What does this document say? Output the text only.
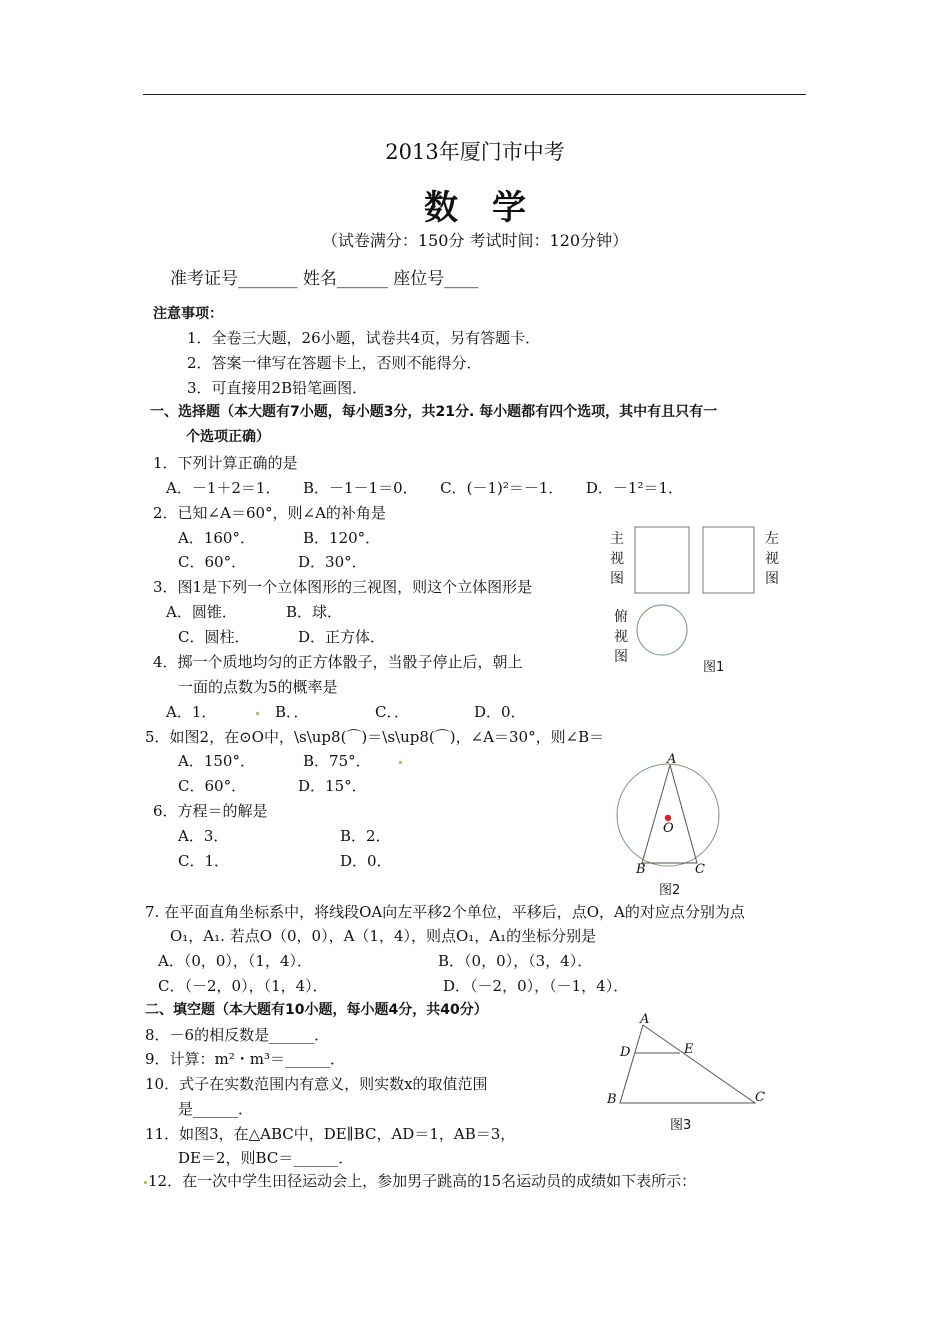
2013年厦门市中考
数　学
（试卷满分：150分 考试时间：120分钟）
准考证号_______ 姓名______ 座位号____
注意事项：
1．全卷三大题，26小题，试卷共4页，另有答题卡．
2．答案一律写在答题卡上，否则不能得分．
3．可直接用2B铅笔画图．
一、选择题（本大题有7小题，每小题3分，共21分. 每小题都有四个选项，其中有且只有一
个选项正确）
1．下列计算正确的是
A．－1＋2＝1．　　B．－1－1＝0．　　C．(－1)²＝－1．　　D．－1²＝1．
2．已知∠A＝60°，则∠A的补角是
A．160°．	B．120°．
C．60°．	D．30°．
3．图1是下列一个立体图形的三视图，则这个立体图形是
A．圆锥．	B．球．
C．圆柱．	D．正方体．
4．掷一个质地均匀的正方体骰子，当骰子停止后，朝上
一面的点数为5的概率是
A．1．	B．．	C．．	D．0．
5．如图2，在⊙O中，\s\up8(⌒)＝\s\up8(⌒)，∠A＝30°，则∠B＝
A．150°．	B．75°．
C．60°．	D．15°．
6．方程＝的解是
A．3．	B．2．
C．1．	D．0．
7. 在平面直角坐标系中，将线段OA向左平移2个单位，平移后，点O，A的对应点分别为点
O₁，A₁. 若点O（0，0），A（1，4），则点O₁，A₁的坐标分别是
A．（0，0），（1，4）．	B．（0，0），（3，4）．
C．（－2，0），（1，4）．	D．（－2，0），（－1，4）．
二、填空题（本大题有10小题，每小题4分，共40分）
8．－6的相反数是______．
9．计算：m²・m³＝______．
10．式子在实数范围内有意义，则实数x的取值范围
是______．
11．如图3，在△ABC中，DE∥BC，AD＝1，AB＝3，
DE＝2，则BC＝______．
12．在一次中学生田径运动会上，参加男子跳高的15名运动员的成绩如下表所示：
主视图
左视图
俯视图
图1
A
O
B	C
图2
A
D	E
B	C
图3
